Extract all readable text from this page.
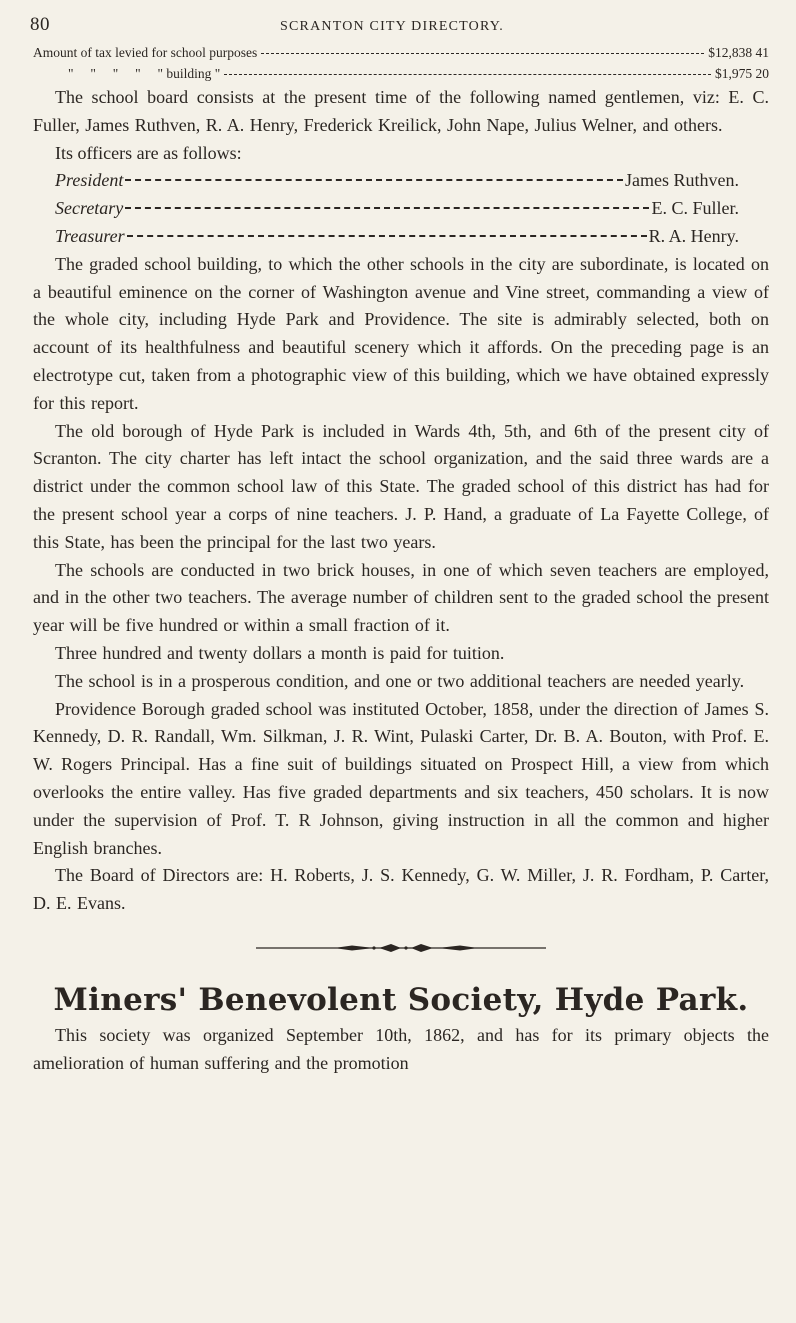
80	SCRANTON CITY DIRECTORY.
Amount of tax levied for school purposes	$12,838 41
"     "     "     "     " building "	$1,975 20

The school board consists at the present time of the following named gentlemen, viz: E. C. Fuller, James Ruthven, R. A. Henry, Frederick Kreilick, John Nape, Julius Welner, and others.

Its officers are as follows:

President	James Ruthven.
Secretary	E. C. Fuller.
Treasurer	R. A. Henry.

The graded school building, to which the other schools in the city are subordinate, is located on a beautiful eminence on the corner of Washington avenue and Vine street, commanding a view of the whole city, including Hyde Park and Providence. The site is admirably selected, both on account of its healthfulness and beautiful scenery which it affords. On the preceding page is an electrotype cut, taken from a photographic view of this building, which we have obtained expressly for this report.

The old borough of Hyde Park is included in Wards 4th, 5th, and 6th of the present city of Scranton. The city charter has left intact the school organization, and the said three wards are a district under the common school law of this State. The graded school of this district has had for the present school year a corps of nine teachers. J. P. Hand, a graduate of La Fayette College, of this State, has been the principal for the last two years.

The schools are conducted in two brick houses, in one of which seven teachers are employed, and in the other two teachers. The average number of children sent to the graded school the present year will be five hundred or within a small fraction of it.

Three hundred and twenty dollars a month is paid for tuition.

The school is in a prosperous condition, and one or two additional teachers are needed yearly.

Providence Borough graded school was instituted October, 1858, under the direction of James S. Kennedy, D. R. Randall, Wm. Silkman, J. R. Wint, Pulaski Carter, Dr. B. A. Bouton, with Prof. E. W. Rogers Principal. Has a fine suit of buildings situated on Prospect Hill, a view from which overlooks the entire valley. Has five graded departments and six teachers, 450 scholars. It is now under the supervision of Prof. T. R Johnson, giving instruction in all the common and higher English branches.

The Board of Directors are: H. Roberts, J. S. Kennedy, G. W. Miller, J. R. Fordham, P. Carter, D. E. Evans.

Miners' Benevolent Society, Hyde Park.

This society was organized September 10th, 1862, and has for its primary objects the amelioration of human suffering and the promotion
